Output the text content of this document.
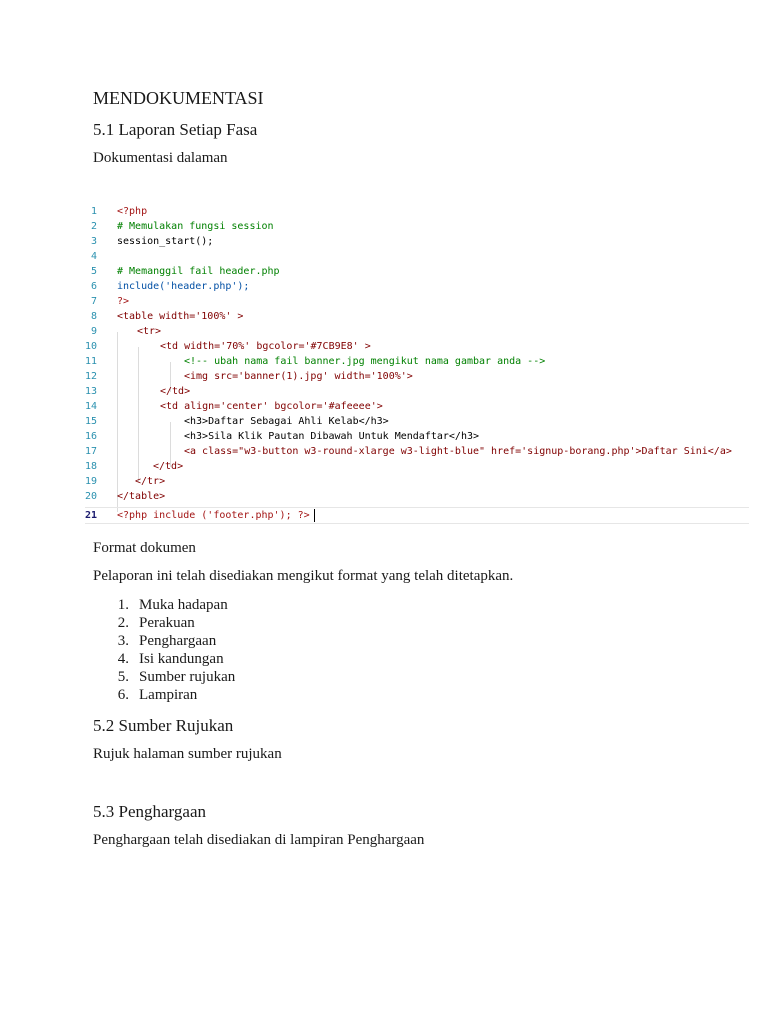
MENDOKUMENTASI
5.1 Laporan Setiap Fasa
Dokumentasi dalaman
1 <?php
2 # Memulakan fungsi session
3 session_start();
4
5 # Memanggil fail header.php
6 include('header.php');
7 ?>
8 <table width='100%' >
9	<tr>
10	<td width='70%' bgcolor='#7CB9E8' >
11	<!-- ubah nama fail banner.jpg mengikut nama gambar anda -->
12	<img src='banner(1).jpg' width='100%'>
13	</td>
14	<td align='center' bgcolor='#afeeee'>
15	<h3>Daftar Sebagai Ahli Kelab</h3>
16	<h3>Sila Klik Pautan Dibawah Untuk Mendaftar</h3>
17	<a class="w3-button w3-round-xlarge w3-light-blue" href='signup-borang.php'>Daftar Sini</a>
18	</td>
19	</tr>
20 </table>
21 <?php include ('footer.php'); ?>
Format dokumen
Pelaporan ini telah disediakan mengikut format yang telah ditetapkan.
1. Muka hadapan
2. Perakuan
3. Penghargaan
4. Isi kandungan
5. Sumber rujukan
6. Lampiran
5.2 Sumber Rujukan
Rujuk halaman sumber rujukan
5.3 Penghargaan
Penghargaan telah disediakan di lampiran Penghargaan
